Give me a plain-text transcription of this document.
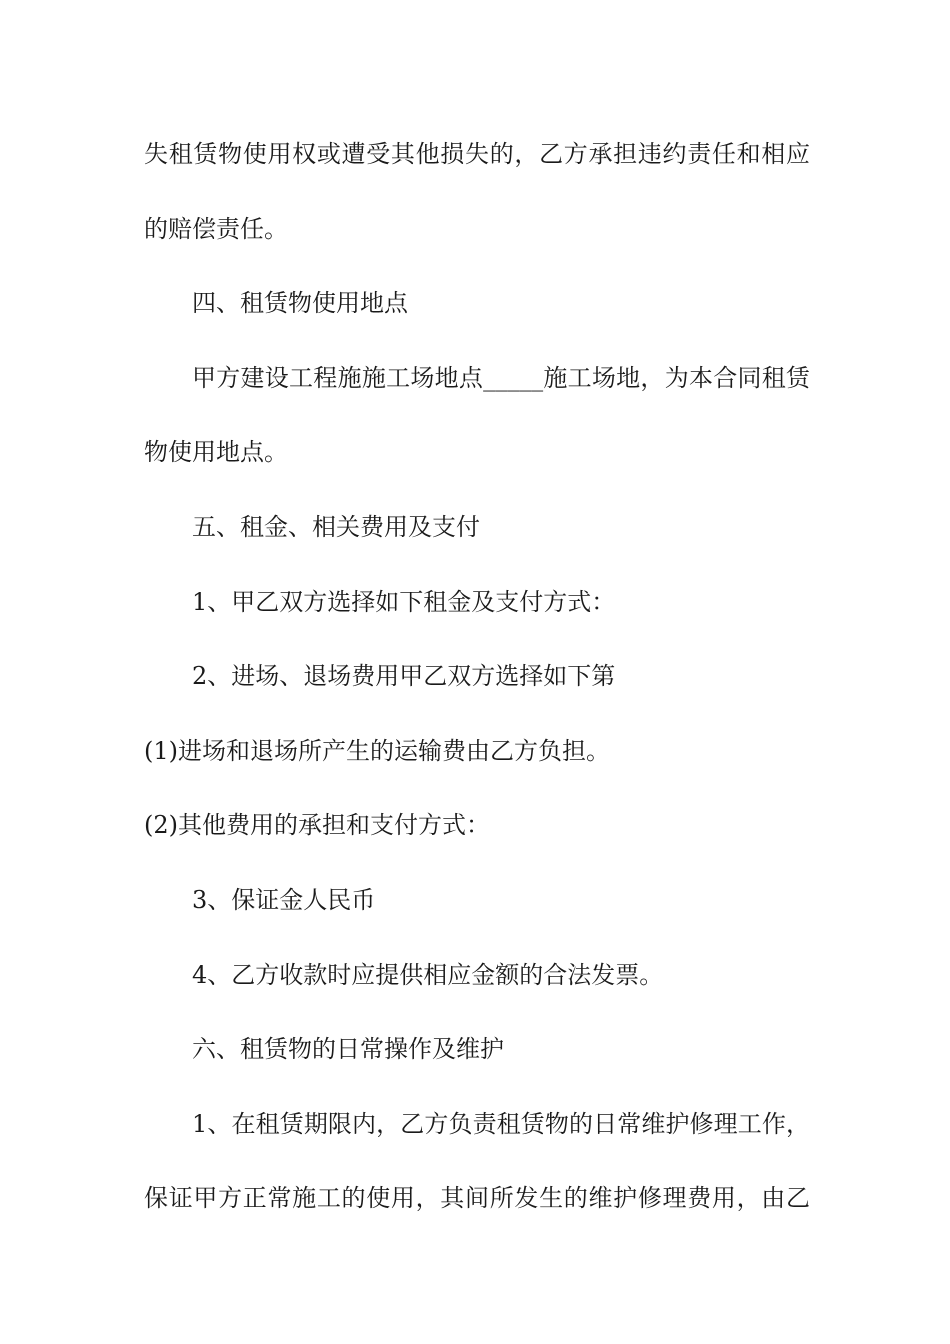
失租赁物使用权或遭受其他损失的，乙方承担违约责任和相应
的赔偿责任。
四、租赁物使用地点
甲方建设工程施施工场地点_____施工场地，为本合同租赁
物使用地点。
五、租金、相关费用及支付
1、甲乙双方选择如下租金及支付方式：
2、进场、退场费用甲乙双方选择如下第
(1)进场和退场所产生的运输费由乙方负担。
(2)其他费用的承担和支付方式：
3、保证金人民币
4、乙方收款时应提供相应金额的合法发票。
六、租赁物的日常操作及维护
1、在租赁期限内，乙方负责租赁物的日常维护修理工作，
保证甲方正常施工的使用，其间所发生的维护修理费用，由乙
